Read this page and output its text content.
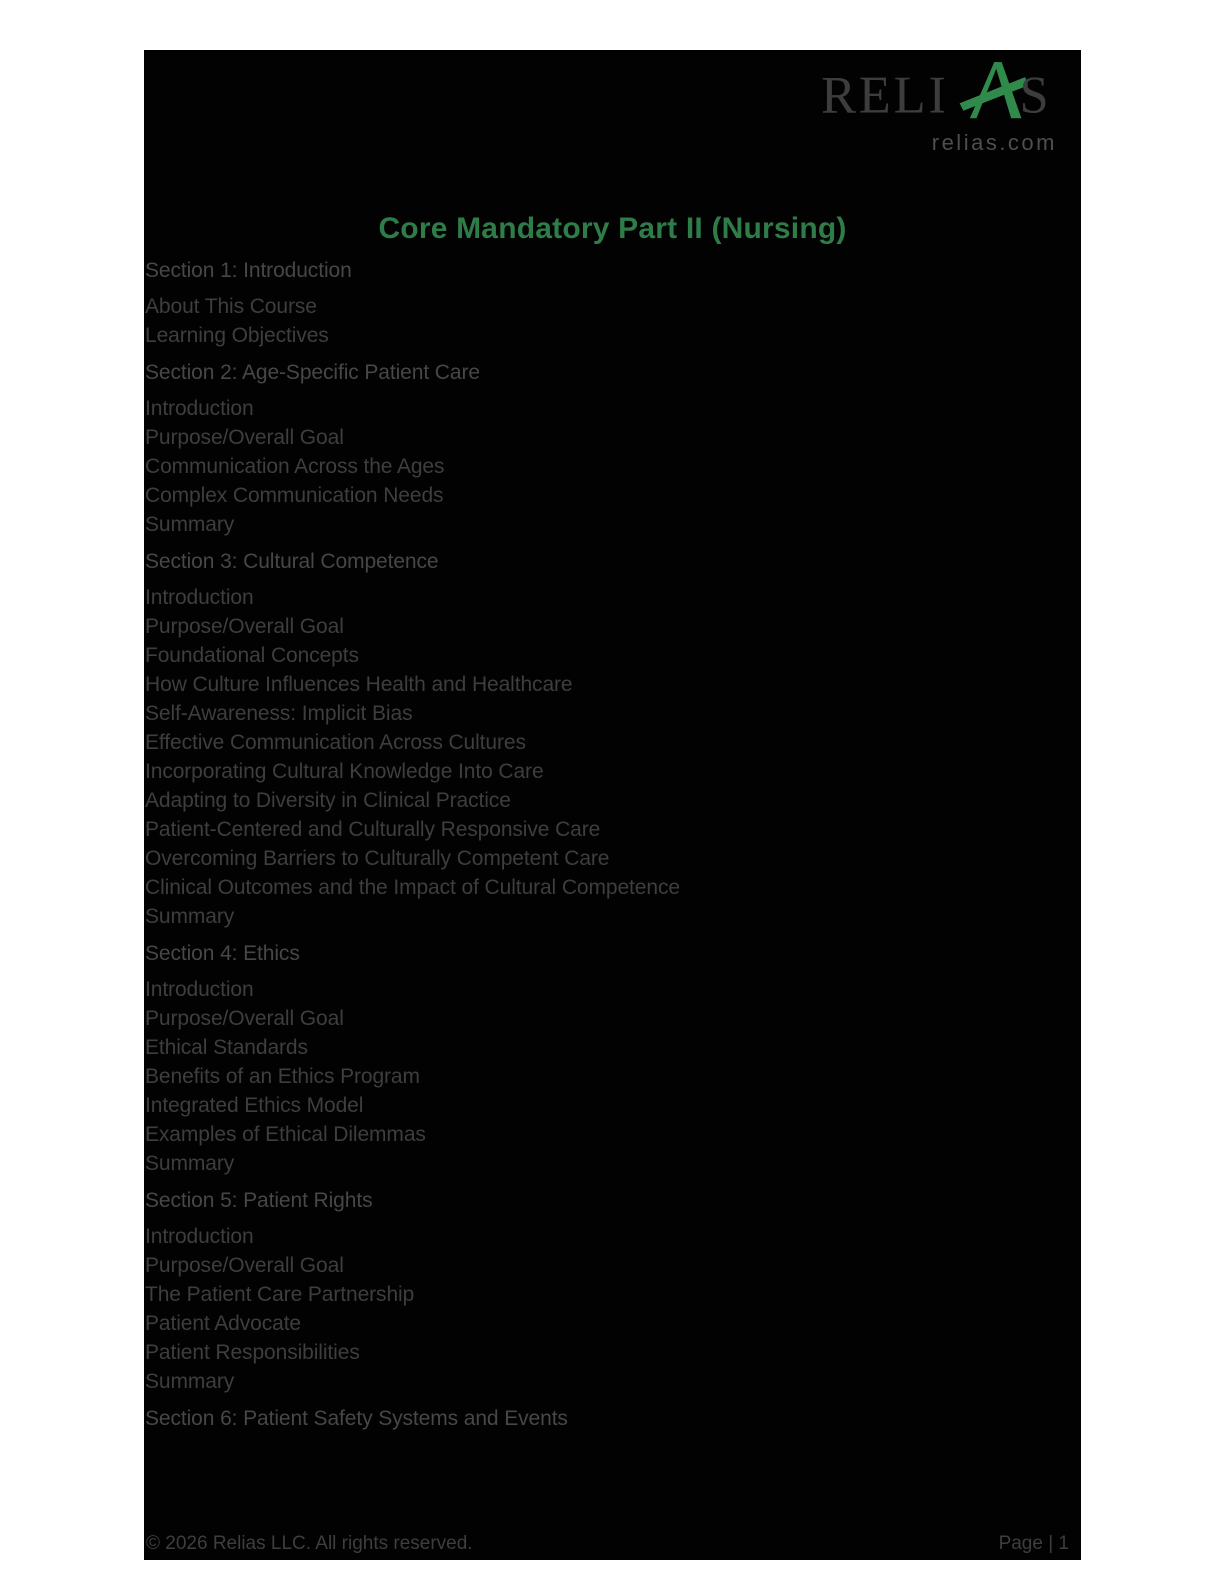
RELI S
relias.com
Core Mandatory Part II (Nursing)
Section 1: Introduction
About This Course
Learning Objectives
Section 2: Age-Specific Patient Care
Introduction
Purpose/Overall Goal
Communication Across the Ages
Complex Communication Needs
Summary
Section 3: Cultural Competence
Introduction
Purpose/Overall Goal
Foundational Concepts
How Culture Influences Health and Healthcare
Self-Awareness: Implicit Bias
Effective Communication Across Cultures
Incorporating Cultural Knowledge Into Care
Adapting to Diversity in Clinical Practice
Patient-Centered and Culturally Responsive Care
Overcoming Barriers to Culturally Competent Care
Clinical Outcomes and the Impact of Cultural Competence
Summary
Section 4: Ethics
Introduction
Purpose/Overall Goal
Ethical Standards
Benefits of an Ethics Program
Integrated Ethics Model
Examples of Ethical Dilemmas
Summary
Section 5: Patient Rights
Introduction
Purpose/Overall Goal
The Patient Care Partnership
Patient Advocate
Patient Responsibilities
Summary
Section 6: Patient Safety Systems and Events
© 2026 Relias LLC. All rights reserved.	Page | 1
